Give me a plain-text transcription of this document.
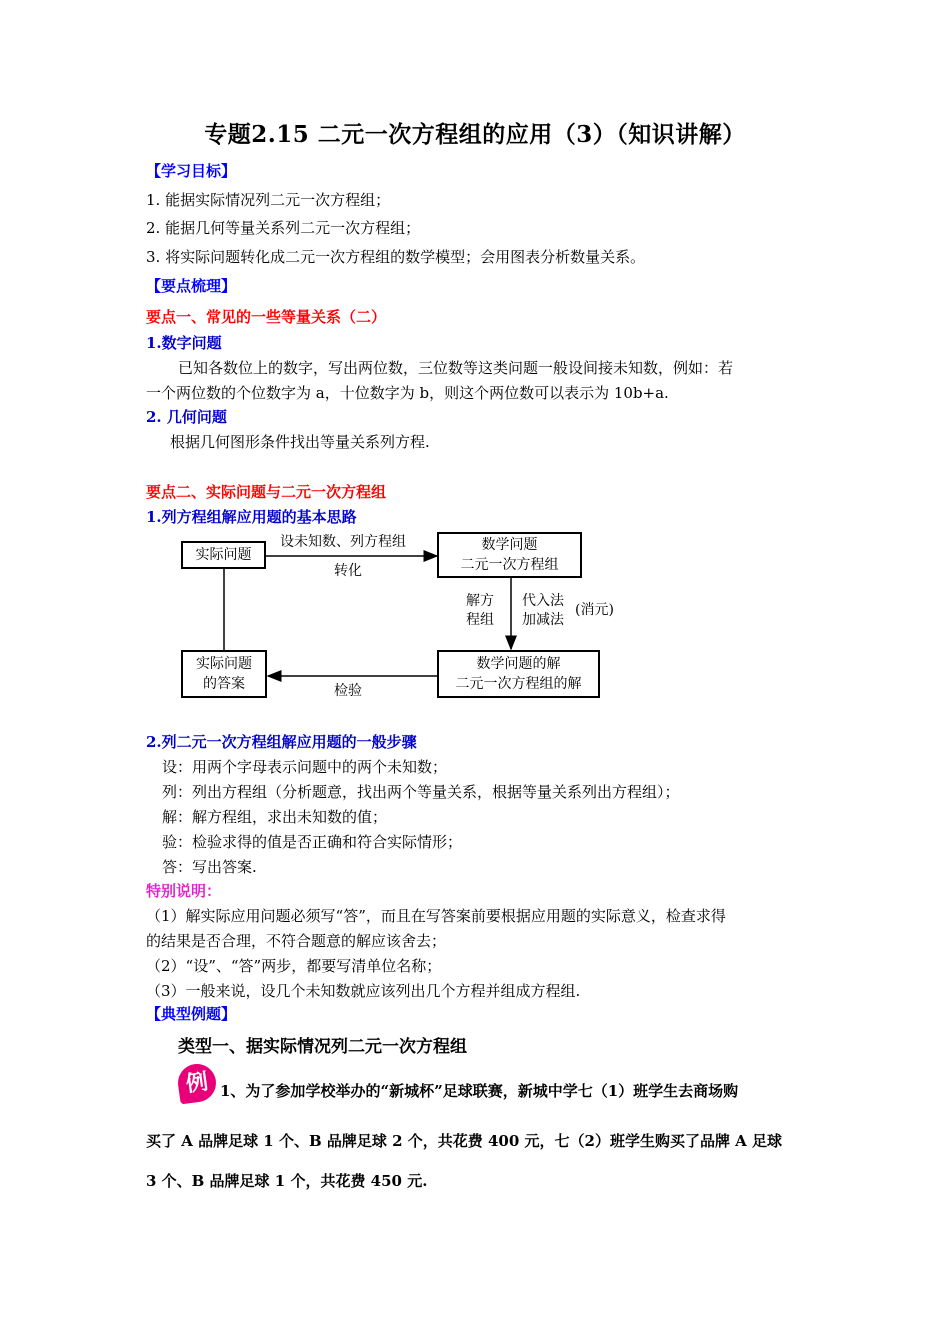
专题2.15 二元一次方程组的应用（3）（知识讲解）
【学习目标】
1. 能据实际情况列二元一次方程组；
2. 能据几何等量关系列二元一次方程组；
3. 将实际问题转化成二元一次方程组的数学模型；会用图表分析数量关系。
【要点梳理】
要点一、常见的一些等量关系（二）
1.数字问题
已知各数位上的数字，写出两位数，三位数等这类问题一般设间接未知数，例如：若
一个两位数的个位数字为 a，十位数字为 b，则这个两位数可以表示为 10b+a.
2. 几何问题
根据几何图形条件找出等量关系列方程.
要点二、实际问题与二元一次方程组
1.列方程组解应用题的基本思路
实际问题
数学问题
二元一次方程组
数学问题的解
二元一次方程组的解
实际问题
的答案
设未知数、列方程组
转化
解方
程组
代入法
加减法
(消元)
检验
2.列二元一次方程组解应用题的一般步骤
设：用两个字母表示问题中的两个未知数；
列：列出方程组（分析题意，找出两个等量关系，根据等量关系列出方程组）；
解：解方程组，求出未知数的值；
验：检验求得的值是否正确和符合实际情形；
答：写出答案.
特别说明：
（1）解实际应用问题必须写“答”，而且在写答案前要根据应用题的实际意义，检查求得
的结果是否合理，不符合题意的解应该舍去；
（2）“设”、“答”两步，都要写清单位名称；
（3）一般来说，设几个未知数就应该列出几个方程并组成方程组.
【典型例题】
类型一、据实际情况列二元一次方程组
例 1、为了参加学校举办的“新城杯”足球联赛，新城中学七（1）班学生去商场购
买了 A 品牌足球 1 个、B 品牌足球 2 个，共花费 400 元，七（2）班学生购买了品牌 A 足球
3 个、B 品牌足球 1 个，共花费 450 元.
